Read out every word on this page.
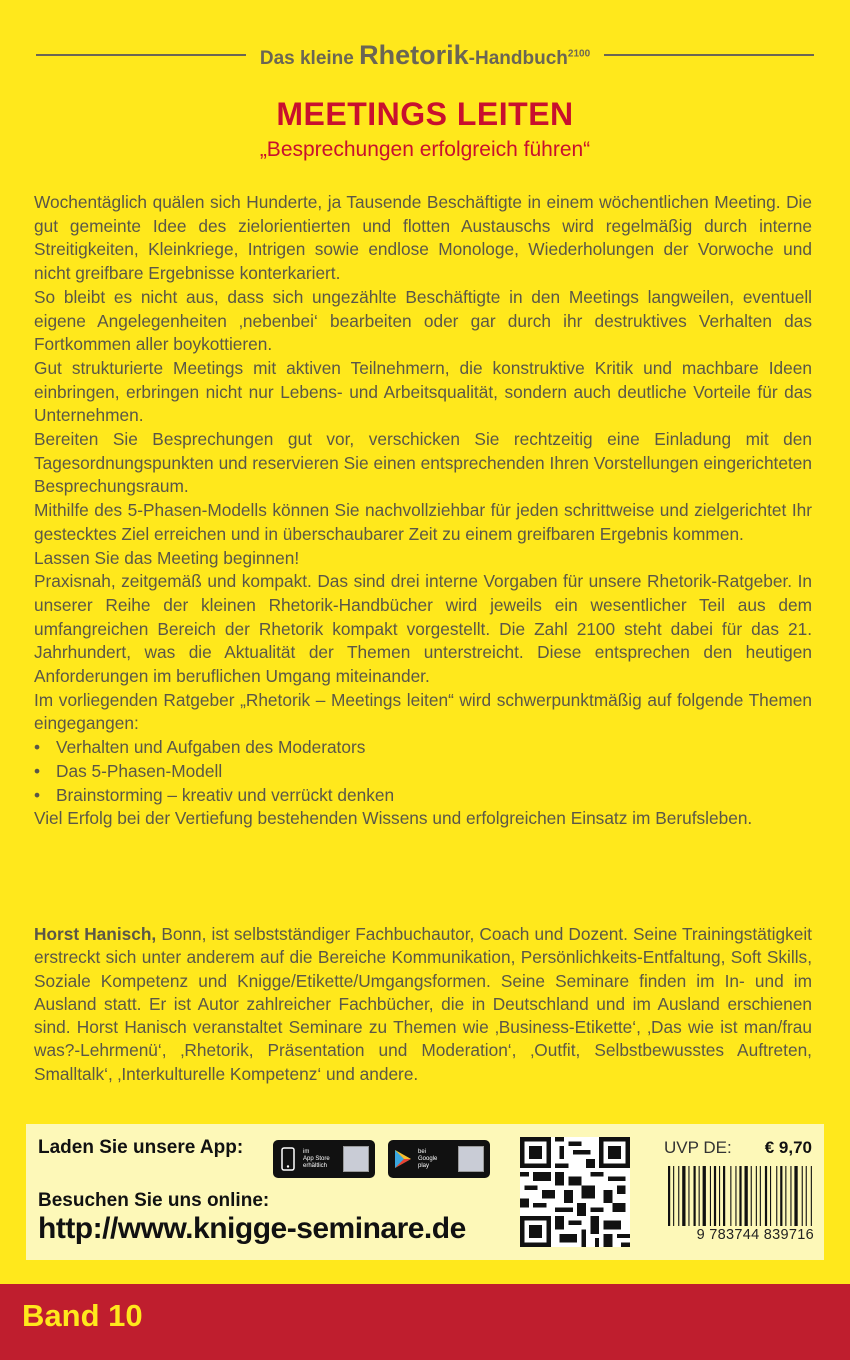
Das kleine Rhetorik-Handbuch$^{2100}$
MEETINGS LEITEN
„Besprechungen erfolgreich führen“

Wochentäglich quälen sich Hunderte, ja Tausende Beschäftigte in einem wöchentlichen Meeting. Die gut gemeinte Idee des zielorientierten und flotten Austauschs wird regelmäßig durch interne Streitigkeiten, Kleinkriege, Intrigen sowie endlose Monologe, Wiederholungen der Vorwoche und nicht greifbare Ergebnisse konterkariert.

So bleibt es nicht aus, dass sich ungezählte Beschäftigte in den Meetings langweilen, eventuell eigene Angelegenheiten ‚nebenbei‘ bearbeiten oder gar durch ihr destruktives Verhalten das Fortkommen aller boykottieren.

Gut strukturierte Meetings mit aktiven Teilnehmern, die konstruktive Kritik und machbare Ideen einbringen, erbringen nicht nur Lebens- und Arbeitsqualität, sondern auch deutliche Vorteile für das Unternehmen.

Bereiten Sie Besprechungen gut vor, verschicken Sie rechtzeitig eine Einladung mit den Tagesordnungspunkten und reservieren Sie einen entsprechenden Ihren Vorstellungen eingerichteten Besprechungsraum.

Mithilfe des 5-Phasen-Modells können Sie nachvollziehbar für jeden schrittweise und zielgerichtet Ihr gestecktes Ziel erreichen und in überschaubarer Zeit zu einem greifbaren Ergebnis kommen.

Lassen Sie das Meeting beginnen!

Praxisnah, zeitgemäß und kompakt. Das sind drei interne Vorgaben für unsere Rhetorik-Ratgeber. In unserer Reihe der kleinen Rhetorik-Handbücher wird jeweils ein wesentlicher Teil aus dem umfangreichen Bereich der Rhetorik kompakt vorgestellt. Die Zahl 2100 steht dabei für das 21. Jahrhundert, was die Aktualität der Themen unterstreicht. Diese entsprechen den heutigen Anforderungen im beruflichen Umgang miteinander.

Im vorliegenden Ratgeber „Rhetorik – Meetings leiten“ wird schwerpunktmäßig auf folgende Themen eingegangen:

• Verhalten und Aufgaben des Moderators
• Das 5-Phasen-Modell
• Brainstorming – kreativ und verrückt denken

Viel Erfolg bei der Vertiefung bestehenden Wissens und erfolgreichen Einsatz im Berufsleben.

Horst Hanisch, Bonn, ist selbstständiger Fachbuchautor, Coach und Dozent. Seine Trainingstätigkeit erstreckt sich unter anderem auf die Bereiche Kommunikation, Persönlichkeits-Entfaltung, Soft Skills, Soziale Kompetenz und Knigge/Etikette/Umgangsformen. Seine Seminare finden im In- und im Ausland statt. Er ist Autor zahlreicher Fachbücher, die in Deutschland und im Ausland erschienen sind. Horst Hanisch veranstaltet Seminare zu Themen wie ‚Business-Etikette‘, ‚Das wie ist man/frau was?-Lehrmenü‘, ‚Rhetorik, Präsentation und Moderation‘, ‚Outfit, Selbstbewusstes Auftreten, Smalltalk‘, ‚Interkulturelle Kompetenz‘ und andere.
Laden Sie unsere App:	im
App Store
erhältlich
bei
Google
play
Besuchen Sie uns online:
http://www.knigge-seminare.de
UVP DE: € 9,70
9 783744 839716
Band 10
